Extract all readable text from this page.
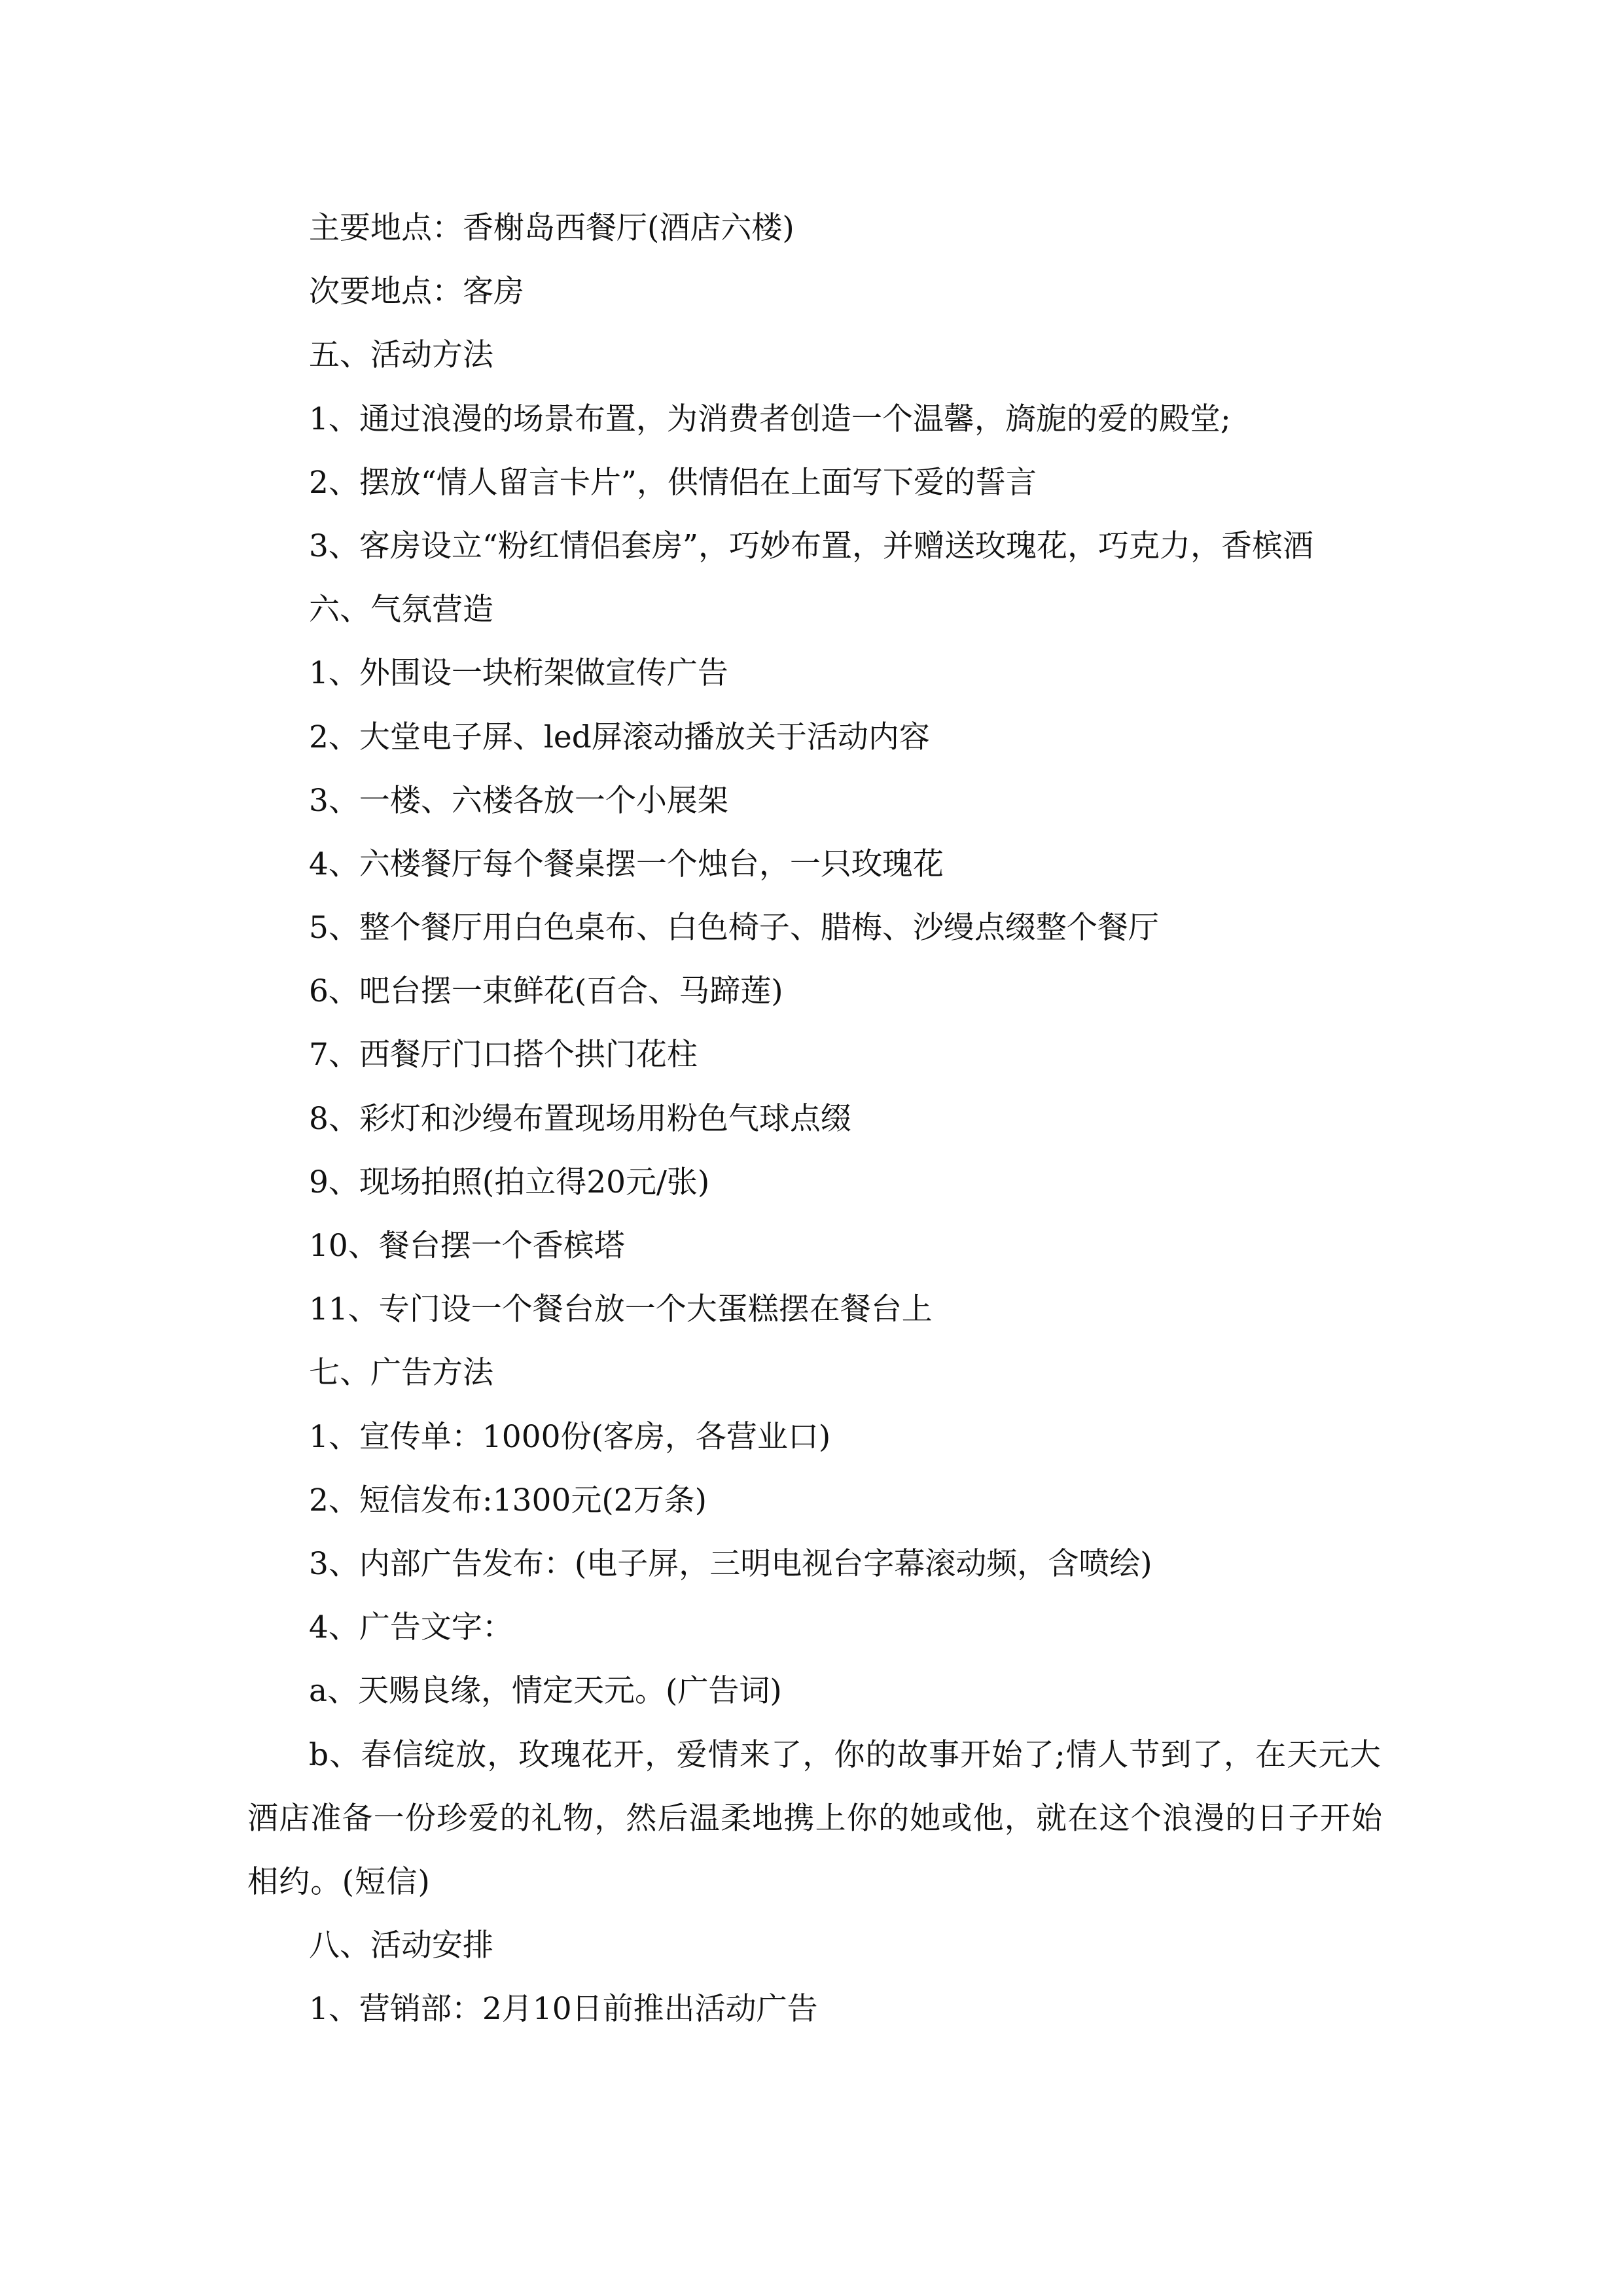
主要地点：香榭岛西餐厅(酒店六楼)
次要地点：客房
五、活动方法
1、通过浪漫的场景布置，为消费者创造一个温馨，旖旎的爱的殿堂;
2、摆放“情人留言卡片”，供情侣在上面写下爱的誓言
3、客房设立“粉红情侣套房”，巧妙布置，并赠送玫瑰花，巧克力，香槟酒
六、气氛营造
1、外围设一块桁架做宣传广告
2、大堂电子屏、led屏滚动播放关于活动内容
3、一楼、六楼各放一个小展架
4、六楼餐厅每个餐桌摆一个烛台，一只玫瑰花
5、整个餐厅用白色桌布、白色椅子、腊梅、沙缦点缀整个餐厅
6、吧台摆一束鲜花(百合、马蹄莲)
7、西餐厅门口搭个拱门花柱
8、彩灯和沙缦布置现场用粉色气球点缀
9、现场拍照(拍立得20元/张)
10、餐台摆一个香槟塔
11、专门设一个餐台放一个大蛋糕摆在餐台上
七、广告方法
1、宣传单：1000份(客房，各营业口)
2、短信发布:1300元(2万条)
3、内部广告发布：(电子屏，三明电视台字幕滚动频，含喷绘)
4、广告文字：
a、天赐良缘，情定天元。(广告词)
b、春信绽放，玫瑰花开，爱情来了，你的故事开始了;情人节到了，在天元大酒店准备一份珍爱的礼物，然后温柔地携上你的她或他，就在这个浪漫的日子开始相约。(短信)
八、活动安排
1、营销部：2月10日前推出活动广告
